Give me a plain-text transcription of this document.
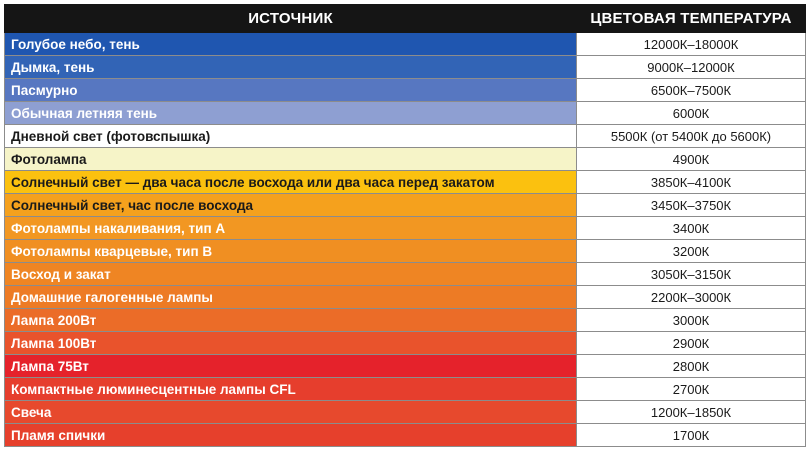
ИСТОЧНИК	ЦВЕТОВАЯ ТЕМПЕРАТУРА
Голубое небо, тень	12000К–18000К
Дымка, тень	9000К–12000К
Пасмурно	6500К–7500К
Обычная летняя тень	6000К
Дневной свет (фотовспышка)	5500К (от 5400К до 5600К)
Фотолампа	4900К
Солнечный свет — два часа после восхода или два часа перед закатом	3850К–4100К
Солнечный свет, час после восхода	3450К–3750К
Фотолампы накаливания, тип А	3400К
Фотолампы кварцевые, тип В	3200К
Восход и закат	3050К–3150К
Домашние галогенные лампы	2200К–3000К
Лампа 200Вт	3000К
Лампа 100Вт	2900К
Лампа 75Вт	2800К
Компактные люминесцентные лампы CFL	2700К
Свеча	1200К–1850К
Пламя спички	1700К
